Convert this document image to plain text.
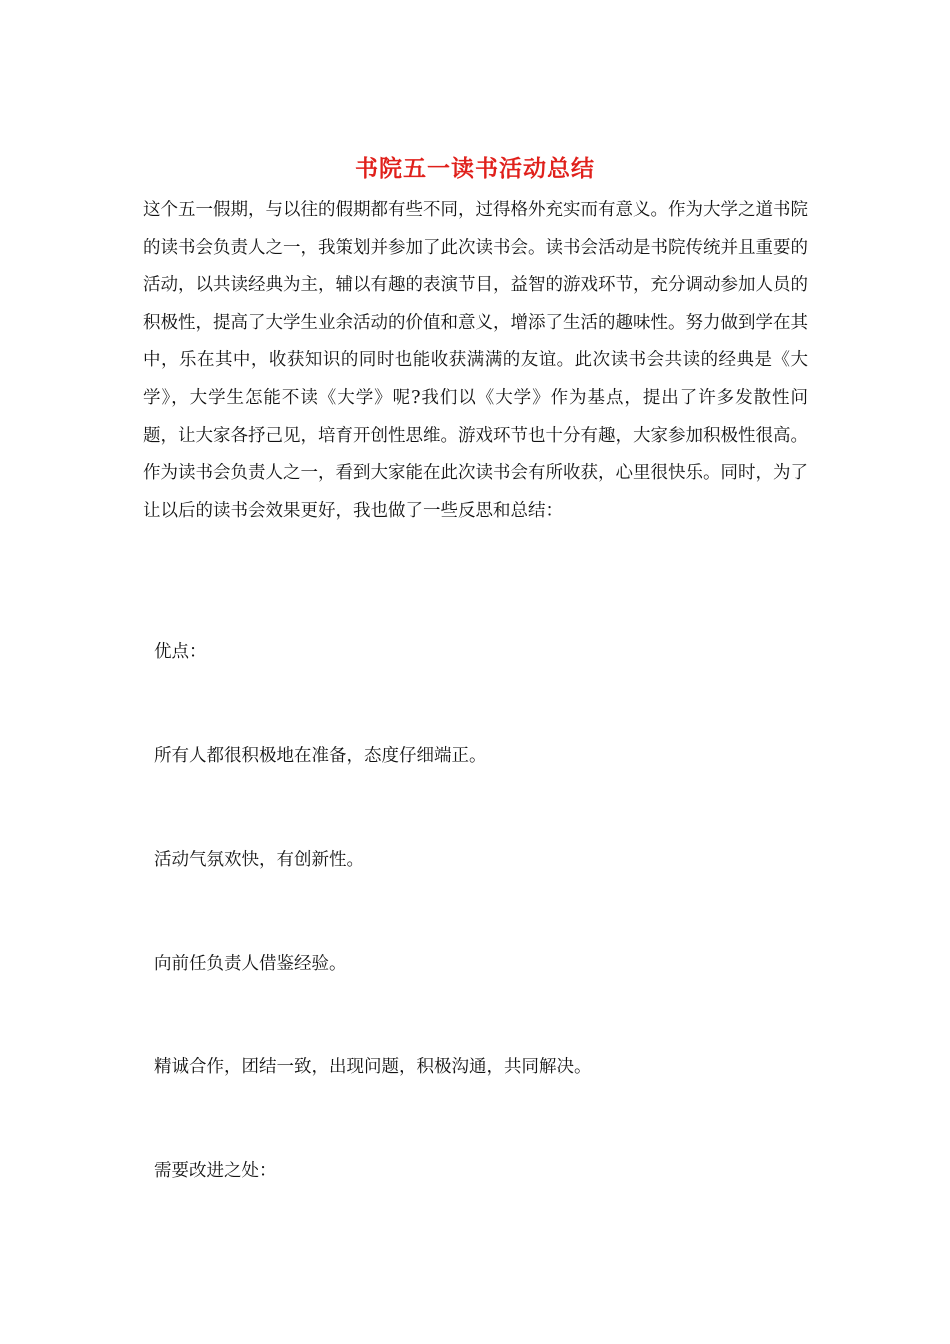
书院五一读书活动总结
这个五一假期，与以往的假期都有些不同，过得格外充实而有意义。作为大学之道书院的读书会负责人之一，我策划并参加了此次读书会。读书会活动是书院传统并且重要的活动，以共读经典为主，辅以有趣的表演节目，益智的游戏环节，充分调动参加人员的积极性，提高了大学生业余活动的价值和意义，增添了生活的趣味性。努力做到学在其中，乐在其中，收获知识的同时也能收获满满的友谊。此次读书会共读的经典是《大学》，大学生怎能不读《大学》呢?我们以《大学》作为基点，提出了许多发散性问题，让大家各抒己见，培育开创性思维。游戏环节也十分有趣，大家参加积极性很高。作为读书会负责人之一，看到大家能在此次读书会有所收获，心里很快乐。同时，为了让以后的读书会效果更好，我也做了一些反思和总结：
优点：
所有人都很积极地在准备，态度仔细端正。
活动气氛欢快，有创新性。
向前任负责人借鉴经验。
精诚合作，团结一致，出现问题，积极沟通，共同解决。
需要改进之处：
